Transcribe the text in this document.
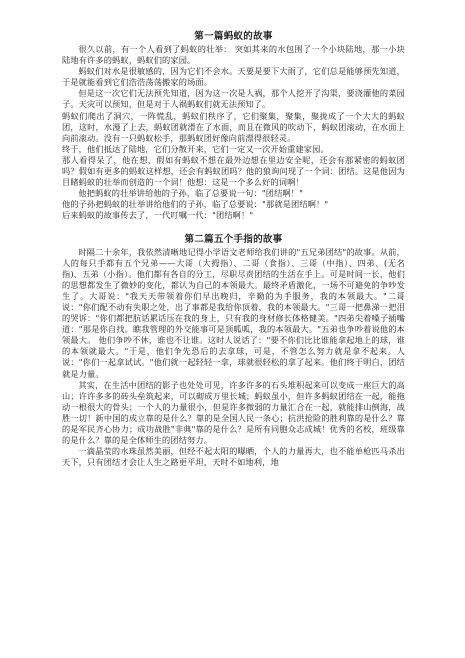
第一篇蚂蚁的故事

很久以前，有一个人看到了蚂蚁的壮举： 突如其来的水包围了一个小块陆地，那一小块陆地有许多的蚂蚁，蚂蚁们的家园。

蚂蚁们对水是很敏感的，因为它们不会水。天要是要下大雨了，它们总是能够预先知道，于是就能看到它们浩浩荡荡搬家的场面。

但是这一次它们无法预先知道，因为这一次是人祸，那个人挖开了沟渠，要浇灌他的菜园子。天灾可以预知，但是对于人祸蚂蚁们就无法预知了。

蚂蚁们爬出了洞穴，一阵慌乱，蚂蚁们秩序了，它们聚集，聚集，聚拢成了一个大大的蚂蚁团，这时，水漫了上去，蚂蚁团就滑在了水面，而且在微风的吹动下，蚂蚁团滚动，在水面上向前滚动。没有一只蚂蚁松手，那蚂蚁团好像向前漂得很轻灵。

终于，他们抵达了陆地，它们分散开来，它们一定又一次开始重建家园。

那人看得呆了，他在想，假如有蚂蚁不想在最外边想在里边安全呢，还会有那紧密的蚂蚁团吗？假如有更多的蚂蚁这样想，还会有蚂蚁团吗？他的狼询问现了一个词：团结。这是他因为目睹蚂蚁的壮举而创造的一个词！他想：这是一个多么好的词啊！

他把蚂蚁的壮举讲给他的子孙，临了总要说一句："团结啊！"

他的子孙把蚂蚁的壮举讲给他们的子孙，临了总要说："那就是团结啊！"

后来蚂蚁的故事传去了，一代叮嘱一代："团结啊！"

第二篇五个手指的故事

时隔二十余年，我依然清晰地记得小学语文老师给我们讲的"五兄弟团结"的故事。从前，人的每只手都有五个兄弟——大哥（大拇指）、二哥（食指）、三哥（中指）、四弟、(无名指)、五弟（小指）。他们都有各自的分工，尽职尽责团结的生活在手上。可是时间一长，他们的思想都发生了微妙的变化，都认为自己的本领最大。最终矛盾激化，一场不可避免的争吵发生了。大哥说："我天天带领着你们早出晚归，辛勤的为手服务，我的本领最大。"二哥说："你们配不动有失职之处，出了事都是我给你顶着，我的本领最大。"三哥一把鼻涕一把泪的哭诉："你们都把肮话累话压在我的身上，只有我的身材修长体格健美。"四弟尖着嗓子插嘴道："那是你自找。瞧我管理的外交能事可是顶呱呱，我的本领最大。"五弟也争吵着说他的本领最大。 他们争吵不休，谁也不让谁。这时人说话了："要不你们比比谁能拿起地上的球，谁的本领就最大。"于是，他们争先恐后的去拿球，可是，不管怎么努力就是拿不起来。人说："你们一起拿试试。"他们就一起轻轻一拿，球就很轻松的拿了起来。他们终于明白，团结就是力量。

其实，在生活中团结的影子也处处可见，许多许多的石头堆积起来可以变成一座巨大的高山；许许多多的砖头垒筑起来，可以砌成万里长城；蚂蚁虽小，但许多蚂蚁团结在一起，能拖动一根很大的骨头；一个人的力量很小，但是许多微弱的力量汇合在一起，就能排山倒海，战胜一切！新中国的成立靠的是什么？靠的是全国人民一条心；抗洪抢险的胜利靠的是什么？靠的是军民齐心协力；成功战胜"非典"靠的是什么？是所有同胞众志成城！优秀的名校，班级靠的是什么？靠的是全体师生的团结努力。

一滴晶莹的水珠虽然美丽，但经不起太阳的曝晒，个人的力量再大，也不能单枪匹马杀出天下，只有团结才会让人生之路更平坦，天时不如地利，地
